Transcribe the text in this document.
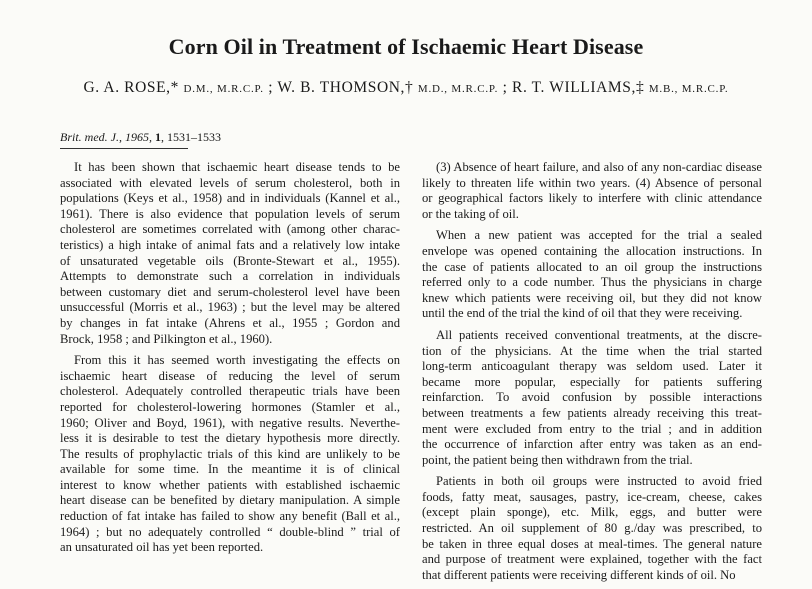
Corn Oil in Treatment of Ischaemic Heart Disease
G. A. ROSE,* D.M., M.R.C.P. ; W. B. THOMSON,† M.D., M.R.C.P. ; R. T. WILLIAMS,‡ M.B., M.R.C.P.
Brit. med. J., 1965, 1, 1531–1533

It has been shown that ischaemic heart disease tends to be
associated with elevated levels of serum cholesterol, both in
populations (Keys et al., 1958) and in individuals (Kannel et al.,
1961). There is also evidence that population levels of serum
cholesterol are sometimes correlated with (among other charac-
teristics) a high intake of animal fats and a relatively low intake
of unsaturated vegetable oils (Bronte-Stewart et al., 1955).
Attempts to demonstrate such a correlation in individuals
between customary diet and serum-cholesterol level have been
unsuccessful (Morris et al., 1963) ; but the level may be altered
by changes in fat intake (Ahrens et al., 1955 ; Gordon and
Brock, 1958 ; and Pilkington et al., 1960).

From this it has seemed worth investigating the effects on
ischaemic heart disease of reducing the level of serum
cholesterol. Adequately controlled therapeutic trials have been
reported for cholesterol-lowering hormones (Stamler et al.,
1960; Oliver and Boyd, 1961), with negative results. Neverthe-
less it is desirable to test the dietary hypothesis more directly.
The results of prophylactic trials of this kind are unlikely to be
available for some time. In the meantime it is of clinical
interest to know whether patients with established ischaemic
heart disease can be benefited by dietary manipulation. A simple
reduction of fat intake has failed to show any benefit (Ball et al.,
1964) ; but no adequately controlled “ double-blind ” trial of
an unsaturated oil has yet been reported.

(3) Absence of heart failure, and also of any non-cardiac disease
likely to threaten life within two years. (4) Absence of personal
or geographical factors likely to interfere with clinic attendance
or the taking of oil.

When a new patient was accepted for the trial a sealed
envelope was opened containing the allocation instructions. In
the case of patients allocated to an oil group the instructions
referred only to a code number. Thus the physicians in charge
knew which patients were receiving oil, but they did not know
until the end of the trial the kind of oil that they were receiving.

All patients received conventional treatments, at the discre-
tion of the physicians. At the time when the trial started
long-term anticoagulant therapy was seldom used. Later it
became more popular, especially for patients suffering
reinfarction. To avoid confusion by possible interactions
between treatments a few patients already receiving this treat-
ment were excluded from entry to the trial ; and in addition
the occurrence of infarction after entry was taken as an end-
point, the patient being then withdrawn from the trial.

Patients in both oil groups were instructed to avoid fried
foods, fatty meat, sausages, pastry, ice-cream, cheese, cakes
(except plain sponge), etc. Milk, eggs, and butter were
restricted. An oil supplement of 80 g./day was prescribed, to
be taken in three equal doses at meal-times. The general nature
and purpose of treatment were explained, together with the fact
that different patients were receiving different kinds of oil. No
